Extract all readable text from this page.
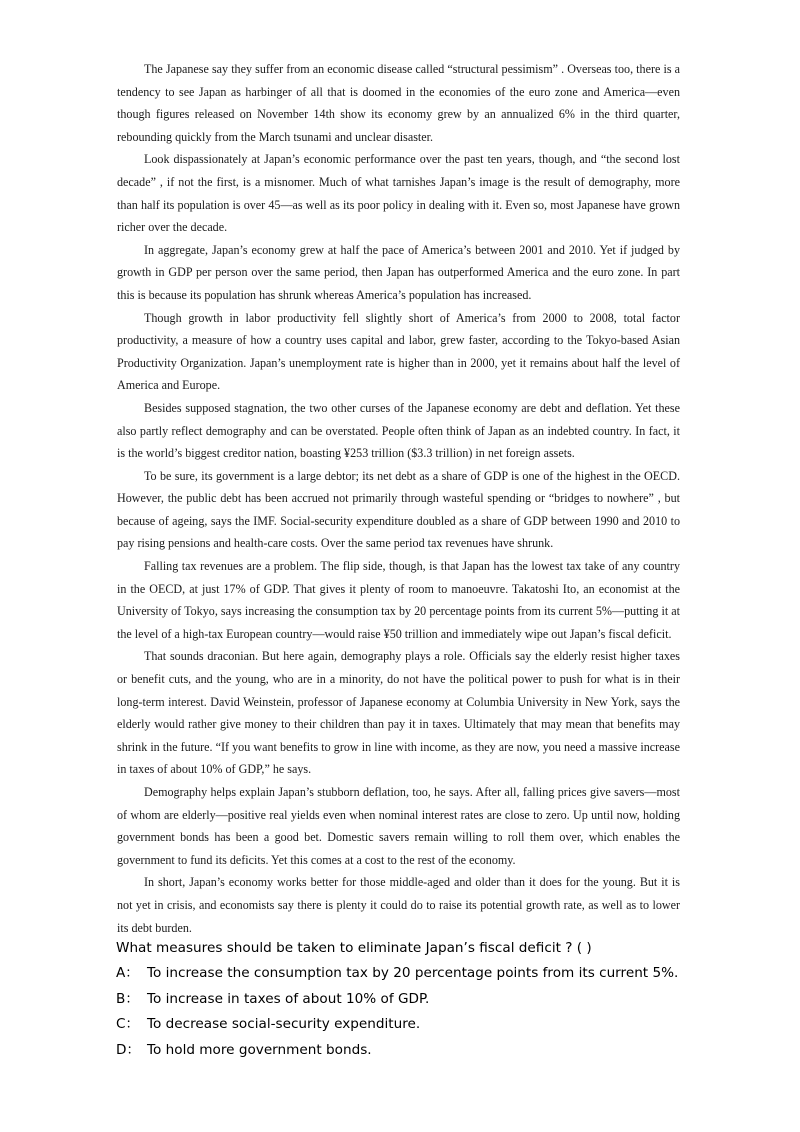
The Japanese say they suffer from an economic disease called “structural pessimism” . Overseas too, there is a tendency to see Japan as harbinger of all that is doomed in the economies of the euro zone and America—even though figures released on November 14th show its economy grew by an annualized 6% in the third quarter, rebounding quickly from the March tsunami and unclear disaster.

Look dispassionately at Japan’s economic performance over the past ten years, though, and “the second lost decade” , if not the first, is a misnomer. Much of what tarnishes Japan’s image is the result of demography, more than half its population is over 45—as well as its poor policy in dealing with it. Even so, most Japanese have grown richer over the decade.

In aggregate, Japan’s economy grew at half the pace of America’s between 2001 and 2010. Yet if judged by growth in GDP per person over the same period, then Japan has outperformed America and the euro zone. In part this is because its population has shrunk whereas America’s population has increased.

Though growth in labor productivity fell slightly short of America’s from 2000 to 2008, total factor productivity, a measure of how a country uses capital and labor, grew faster, according to the Tokyo-based Asian Productivity Organization. Japan’s unemployment rate is higher than in 2000, yet it remains about half the level of America and Europe.

Besides supposed stagnation, the two other curses of the Japanese economy are debt and deflation. Yet these also partly reflect demography and can be overstated. People often think of Japan as an indebted country. In fact, it is the world’s biggest creditor nation, boasting ¥253 trillion ($3.3 trillion) in net foreign assets.

To be sure, its government is a large debtor; its net debt as a share of GDP is one of the highest in the OECD. However, the public debt has been accrued not primarily through wasteful spending or “bridges to nowhere” , but because of ageing, says the IMF. Social-security expenditure doubled as a share of GDP between 1990 and 2010 to pay rising pensions and health-care costs. Over the same period tax revenues have shrunk.

Falling tax revenues are a problem. The flip side, though, is that Japan has the lowest tax take of any country in the OECD, at just 17% of GDP. That gives it plenty of room to manoeuvre. Takatoshi Ito, an economist at the University of Tokyo, says increasing the consumption tax by 20 percentage points from its current 5%—putting it at the level of a high-tax European country—would raise ¥50 trillion and immediately wipe out Japan’s fiscal deficit.

That sounds draconian. But here again, demography plays a role. Officials say the elderly resist higher taxes or benefit cuts, and the young, who are in a minority, do not have the political power to push for what is in their long-term interest. David Weinstein, professor of Japanese economy at Columbia University in New York, says the elderly would rather give money to their children than pay it in taxes. Ultimately that may mean that benefits may shrink in the future. “If you want benefits to grow in line with income, as they are now, you need a massive increase in taxes of about 10% of GDP,” he says.

Demography helps explain Japan’s stubborn deflation, too, he says. After all, falling prices give savers—most of whom are elderly—positive real yields even when nominal interest rates are close to zero. Up until now, holding government bonds has been a good bet. Domestic savers remain willing to roll them over, which enables the government to fund its deficits. Yet this comes at a cost to the rest of the economy.

In short, Japan’s economy works better for those middle-aged and older than it does for the young. But it is not yet in crisis, and economists say there is plenty it could do to raise its potential growth rate, as well as to lower its debt burden.

What measures should be taken to eliminate Japan’s fiscal deficit ? ( )
A： To increase the consumption tax by 20 percentage points from its current 5%.
B： To increase in taxes of about 10% of GDP.
C： To decrease social-security expenditure.
D： To hold more government bonds.
